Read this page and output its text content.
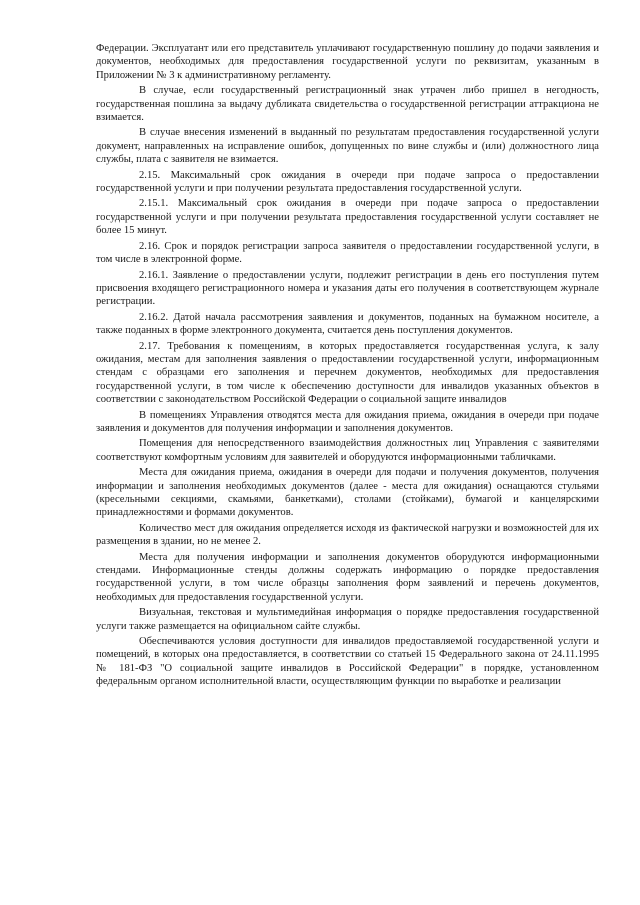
Федерации. Эксплуатант или его представитель уплачивают государственную пошлину до подачи заявления и документов, необходимых для предоставления государственной услуги по реквизитам, указанным в Приложении № 3 к административному регламенту.

В случае, если государственный регистрационный знак утрачен либо пришел в негодность, государственная пошлина за выдачу дубликата свидетельства о государственной регистрации аттракциона не взимается.

В случае внесения изменений в выданный по результатам предоставления государственной услуги документ, направленных на исправление ошибок, допущенных по вине службы и (или) должностного лица службы, плата с заявителя не взимается.

2.15. Максимальный срок ожидания в очереди при подаче запроса о предоставлении государственной услуги и при получении результата предоставления государственной услуги.

2.15.1. Максимальный срок ожидания в очереди при подаче запроса о предоставлении государственной услуги и при получении результата предоставления государственной услуги составляет не более 15 минут.

2.16. Срок и порядок регистрации запроса заявителя о предоставлении государственной услуги, в том числе в электронной форме.

2.16.1. Заявление о предоставлении услуги, подлежит регистрации в день его поступления путем присвоения входящего регистрационного номера и указания даты его получения в соответствующем журнале регистрации.

2.16.2. Датой начала рассмотрения заявления и документов, поданных на бумажном носителе, а также поданных в форме электронного документа, считается день поступления документов.

2.17. Требования к помещениям, в которых предоставляется государственная услуга, к залу ожидания, местам для заполнения заявления о предоставлении государственной услуги, информационным стендам с образцами его заполнения и перечнем документов, необходимых для предоставления государственной услуги, в том числе к обеспечению доступности для инвалидов указанных объектов в соответствии с законодательством Российской Федерации о социальной защите инвалидов

В помещениях Управления отводятся места для ожидания приема, ожидания в очереди при подаче заявления и документов для получения информации и заполнения документов.

Помещения для непосредственного взаимодействия должностных лиц Управления с заявителями соответствуют комфортным условиям для заявителей и оборудуются информационными табличками.

Места для ожидания приема, ожидания в очереди для подачи и получения документов, получения информации и заполнения необходимых документов (далее - места для ожидания) оснащаются стульями (кресельными секциями, скамьями, банкетками), столами (стойками), бумагой и канцелярскими принадлежностями и формами документов.

Количество мест для ожидания определяется исходя из фактической нагрузки и возможностей для их размещения в здании, но не менее 2.

Места для получения информации и заполнения документов оборудуются информационными стендами. Информационные стенды должны содержать информацию о порядке предоставления государственной услуги, в том числе образцы заполнения форм заявлений и перечень документов, необходимых для предоставления государственной услуги.

Визуальная, текстовая и мультимедийная информация о порядке предоставления государственной услуги также размещается на официальном сайте службы.

Обеспечиваются условия доступности для инвалидов предоставляемой государственной услуги и помещений, в которых она предоставляется, в соответствии со статьей 15 Федерального закона от 24.11.1995 № 181-ФЗ "О социальной защите инвалидов в Российской Федерации" в порядке, установленном федеральным органом исполнительной власти, осуществляющим функции по выработке и реализации
